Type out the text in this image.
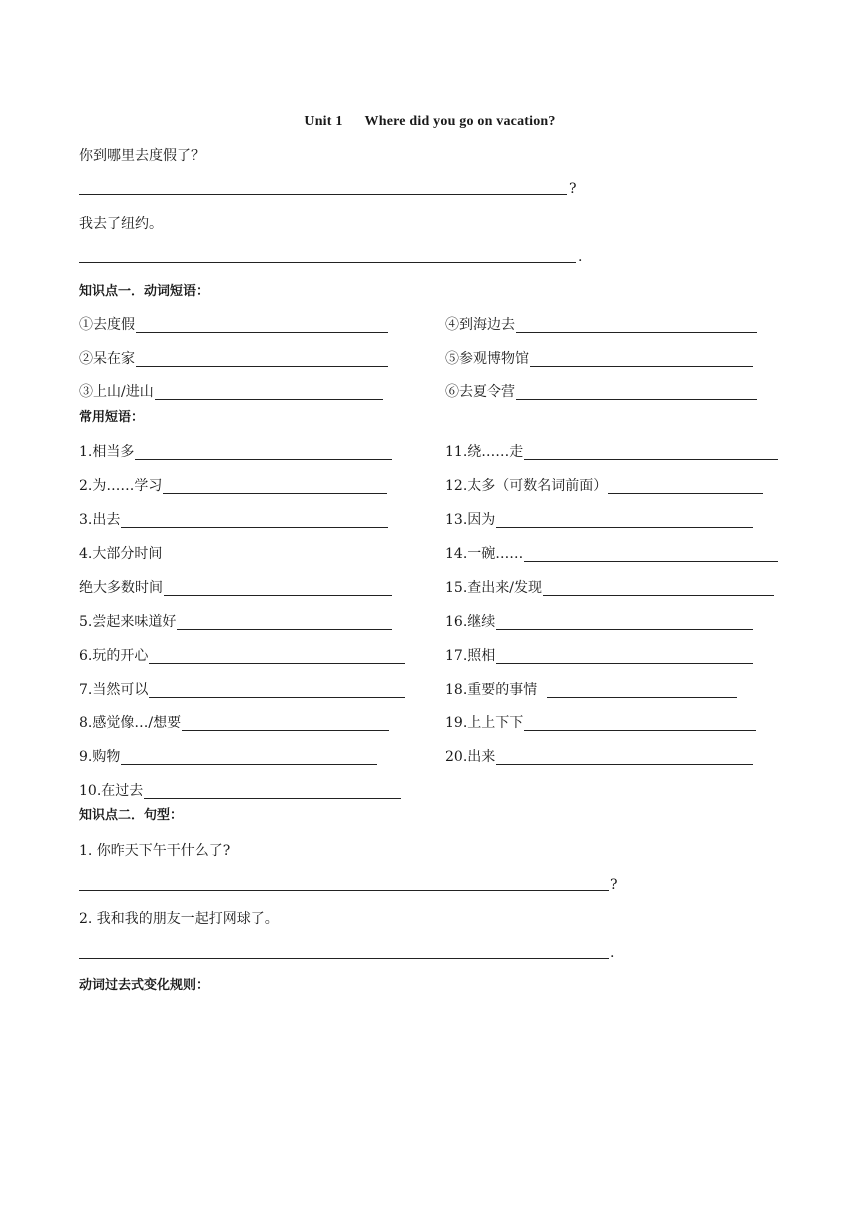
Unit 1 Where did you go on vacation?
你到哪里去度假了？
?
我去了纽约。
.
知识点一．动词短语：
①去度假
②呆在家
③上山/进山
④到海边去
⑤参观博物馆
⑥去夏令营
常用短语：
1.相当多
2.为……学习
3.出去
4.大部分时间
绝大多数时间
5.尝起来味道好
6.玩的开心
7.当然可以
8.感觉像…/想要
9.购物
10.在过去
11.绕……走
12.太多（可数名词前面）
13.因为
14.一碗……
15.查出来/发现
16.继续
17.照相
18.重要的事情
19.上上下下
20.出来
知识点二．句型：
1. 你昨天下午干什么了?
?
2. 我和我的朋友一起打网球了。
.
动词过去式变化规则：
